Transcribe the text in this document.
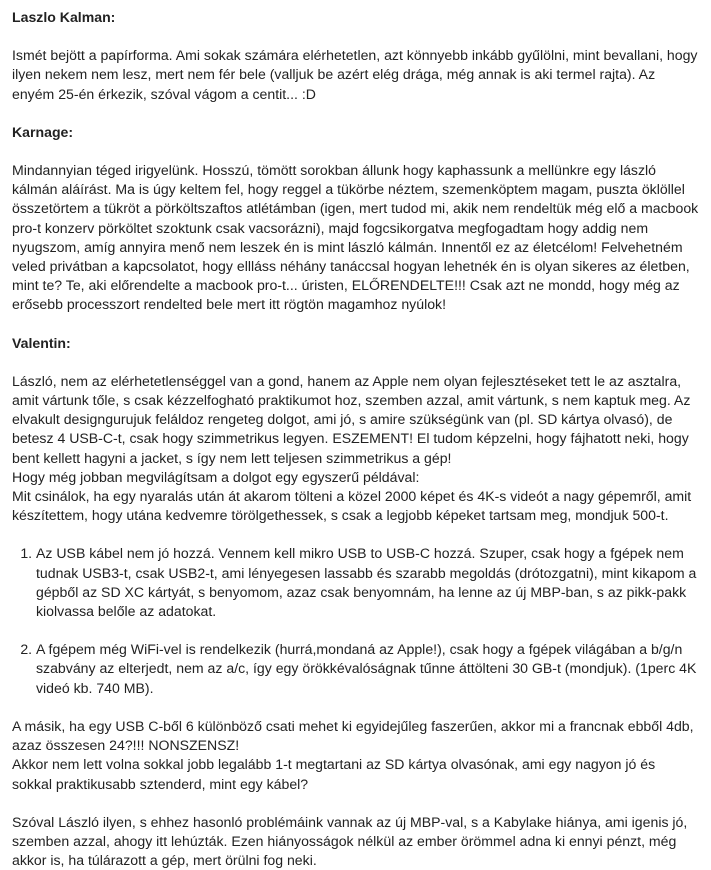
Laszlo Kalman:

Ismét bejött a papírforma. Ami sokak számára elérhetetlen, azt könnyebb inkább gyűlölni, mint bevallani, hogy ilyen nekem nem lesz, mert nem fér bele (valljuk be azért elég drága, még annak is aki termel rajta). Az enyém 25-én érkezik, szóval vágom a centit... :D

Karnage:

Mindannyian téged irigyelünk. Hosszú, tömött sorokban állunk hogy kaphassunk a mellünkre egy lászló kálmán aláírást. Ma is úgy keltem fel, hogy reggel a tükörbe néztem, szemenköptem magam, puszta öklöllel összetörtem a tükröt a pörköltszaftos atlétámban (igen, mert tudod mi, akik nem rendeltük még elő a macbook pro-t konzerv pörköltet szoktunk csak vacsorázni), majd fogcsikorgatva megfogadtam hogy addig nem nyugszom, amíg annyira menő nem leszek én is mint lászló kálmán. Innentől ez az életcélom! Felvehetném veled privátban a kapcsolatot, hogy ellláss néhány tanáccsal hogyan lehetnék én is olyan sikeres az életben, mint te? Te, aki előrendelte a macbook pro-t... úristen, ELŐRENDELTE!!! Csak azt ne mondd, hogy még az erősebb processzort rendelted bele mert itt rögtön magamhoz nyúlok!

Valentin:

László, nem az elérhetetlenséggel van a gond, hanem az Apple nem olyan fejlesztéseket tett le az asztalra, amit vártunk tőle, s csak kézzelfogható praktikumot hoz, szemben azzal, amit vártunk, s nem kaptuk meg. Az elvakult designgurujuk feláldoz rengeteg dolgot, ami jó, s amire szükségünk van (pl. SD kártya olvasó), de betesz 4 USB-C-t, csak hogy szimmetrikus legyen. ESZEMENT! El tudom képzelni, hogy fájhatott neki, hogy bent kellett hagyni a jacket, s így nem lett teljesen szimmetrikus a gép!

Hogy még jobban megvilágítsam a dolgot egy egyszerű példával:

Mit csinálok, ha egy nyaralás után át akarom tölteni a közel 2000 képet és 4K-s videót a nagy gépemről, amit készítettem, hogy utána kedvemre törölgethessek, s csak a legjobb képeket tartsam meg, mondjuk 500-t.

1. Az USB kábel nem jó hozzá. Vennem kell mikro USB to USB-C hozzá. Szuper, csak hogy a fgépek nem tudnak USB3-t, csak USB2-t, ami lényegesen lassabb és szarabb megoldás (drótozgatni), mint kikapom a gépből az SD XC kártyát, s benyomom, azaz csak benyomnám, ha lenne az új MBP-ban, s az pikk-pakk kiolvassa belőle az adatokat.
2. A fgépem még WiFi-vel is rendelkezik (hurrá,mondaná az Apple!), csak hogy a fgépek világában a b/g/n szabvány az elterjedt, nem az a/c, így egy örökkévalóságnak tűnne áttölteni 30 GB-t (mondjuk). (1perc 4K videó kb. 740 MB).

A másik, ha egy USB C-ből 6 különböző csati mehet ki egyidejűleg faszerűen, akkor mi a francnak ebből 4db, azaz összesen 24?!!! NONSZENSZ!

Akkor nem lett volna sokkal jobb legalább 1-t megtartani az SD kártya olvasónak, ami egy nagyon jó és sokkal praktikusabb sztenderd, mint egy kábel?

Szóval László ilyen, s ehhez hasonló problémáink vannak az új MBP-val, s a Kabylake hiánya, ami igenis jó, szemben azzal, ahogy itt lehúzták. Ezen hiányosságok nélkül az ember örömmel adna ki ennyi pénzt, még akkor is, ha túlárazott a gép, mert örülni fog neki.
